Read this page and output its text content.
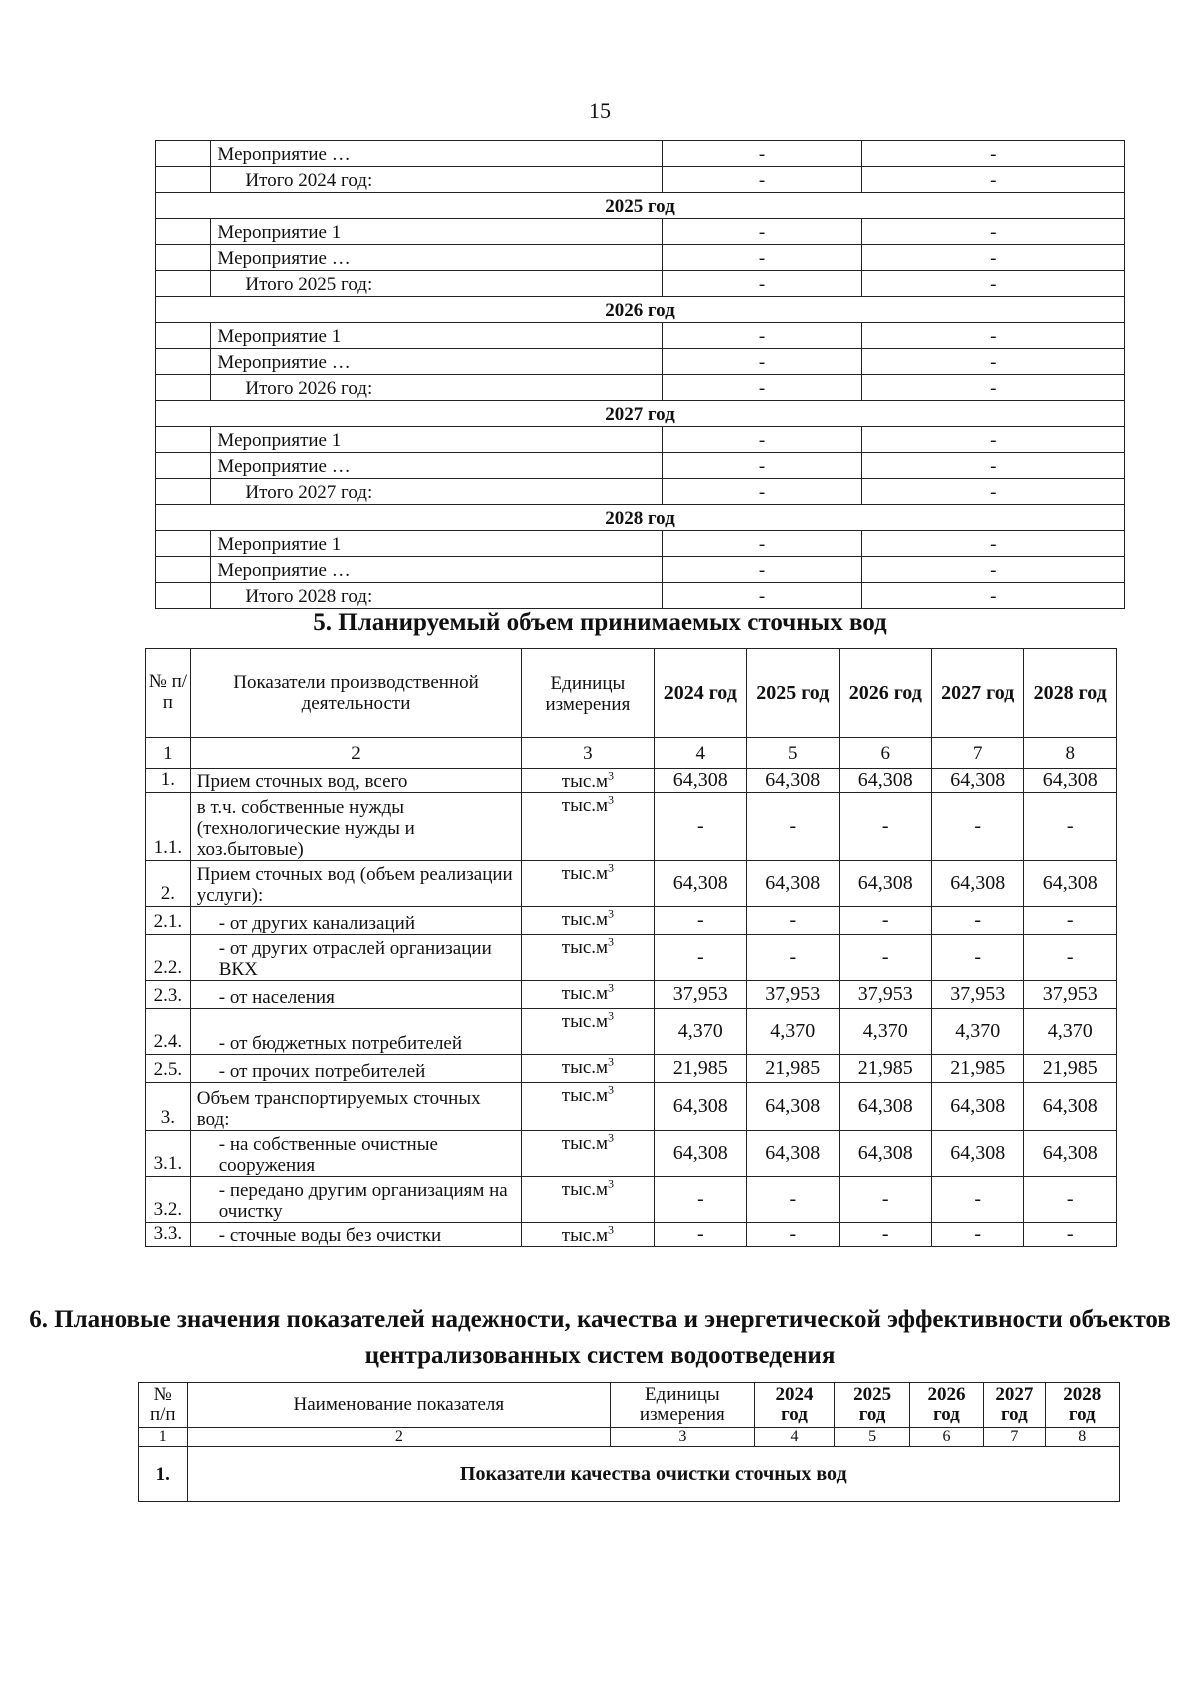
15
	Мероприятие …	-	-
	Итого 2024 год:	-	-
2025 год			
	Мероприятие 1	-	-
	Мероприятие …	-	-
	Итого 2025 год:	-	-
2026 год			
	Мероприятие 1	-	-
	Мероприятие …	-	-
	Итого 2026 год:	-	-
2027 год			
	Мероприятие 1	-	-
	Мероприятие …	-	-
	Итого 2027 год:	-	-
2028 год			
	Мероприятие 1	-	-
	Мероприятие …	-	-
	Итого 2028 год:	-	-
5. Планируемый объем принимаемых сточных вод
№ п/п	Показатели производственной деятельности	Единицы измерения	2024 год	2025 год	2026 год	2027 год	2028 год
1	2	3	4	5	6	7	8
1.	Прием сточных вод, всего	$тыс.м^3$	64,308	64,308	64,308	64,308	64,308
1.1.	в т.ч. собственные нужды (технологические нужды и хоз.бытовые)	$тыс.м^3$	-	-	-	-	-
2.	Прием сточных вод (объем реализации услуги):	$тыс.м^3$	64,308	64,308	64,308	64,308	64,308
2.1.	- от других канализаций	$тыс.м^3$	-	-	-	-	-
2.2.	- от других отраслей организации ВКХ	$тыс.м^3$	-	-	-	-	-
2.3.	- от населения	$тыс.м^3$	37,953	37,953	37,953	37,953	37,953
2.4.	- от бюджетных потребителей	$тыс.м^3$	4,370	4,370	4,370	4,370	4,370
2.5.	- от прочих потребителей	$тыс.м^3$	21,985	21,985	21,985	21,985	21,985
3.	Объем транспортируемых сточных вод:	$тыс.м^3$	64,308	64,308	64,308	64,308	64,308
3.1.	- на собственные очистные сооружения	$тыс.м^3$	64,308	64,308	64,308	64,308	64,308
3.2.	- передано другим организациям на очистку	$тыс.м^3$	-	-	-	-	-
3.3.	- сточные воды без очистки	$тыс.м^3$	-	-	-	-	-
6. Плановые значения показателей надежности, качества и энергетической эффективности объектов централизованных систем водоотведения
№ п/п	Наименование показателя	Единицы измерения	2024 год	2025 год	2026 год	2027 год	2028 год
1	2	3	4	5	6	7	8
1.	Показатели качества очистки сточных вод						
